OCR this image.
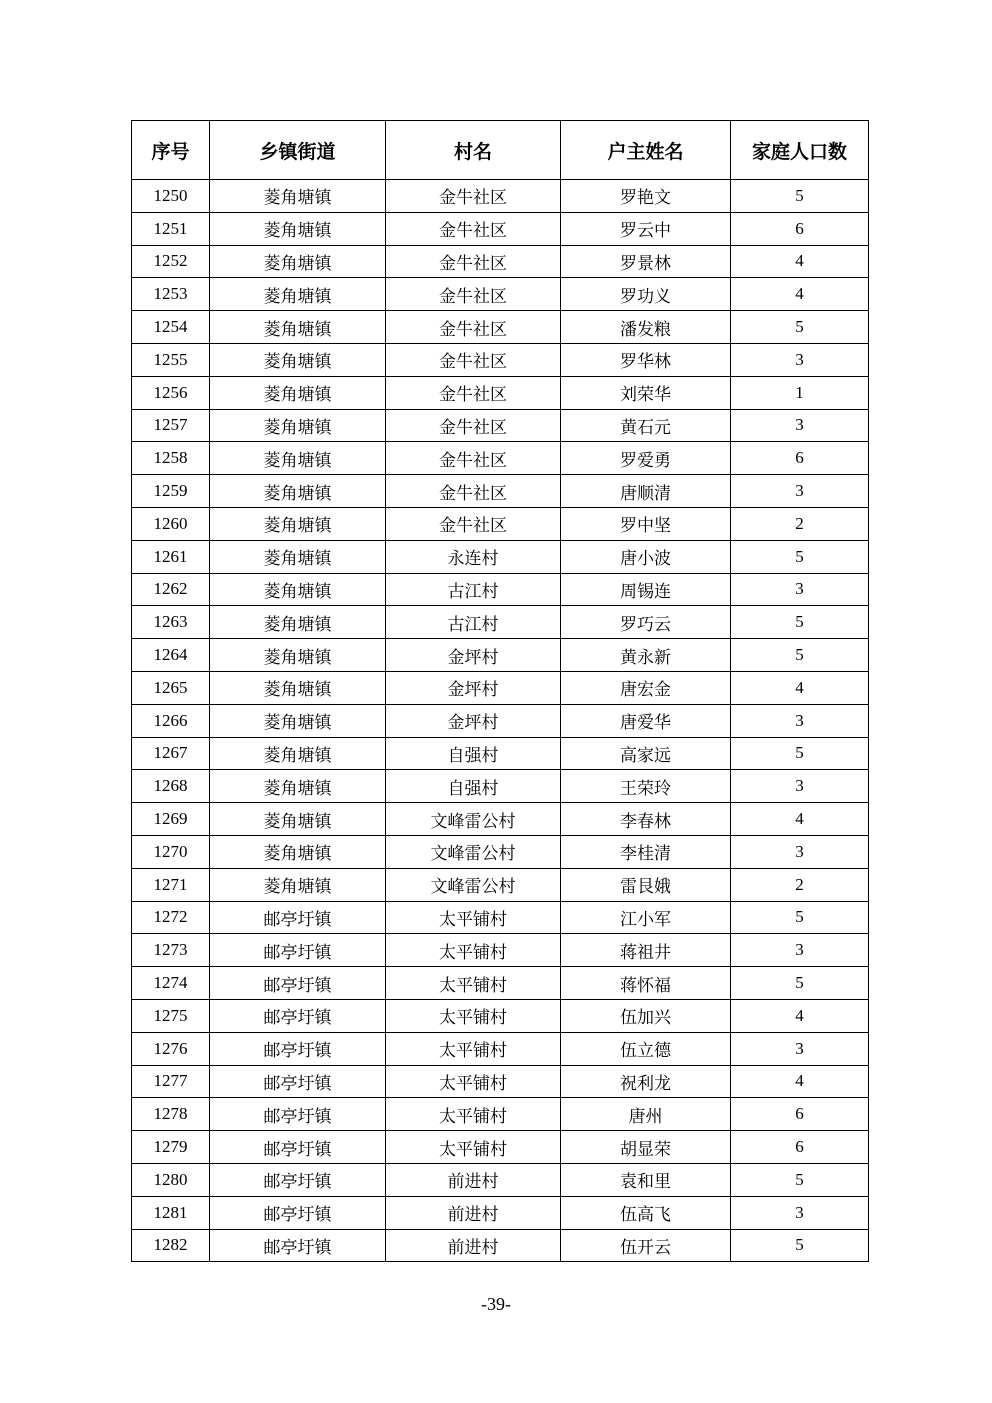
序号	乡镇街道	村名	户主姓名	家庭人口数
1250	菱角塘镇	金牛社区	罗艳文	5
1251	菱角塘镇	金牛社区	罗云中	6
1252	菱角塘镇	金牛社区	罗景林	4
1253	菱角塘镇	金牛社区	罗功义	4
1254	菱角塘镇	金牛社区	潘发粮	5
1255	菱角塘镇	金牛社区	罗华林	3
1256	菱角塘镇	金牛社区	刘荣华	1
1257	菱角塘镇	金牛社区	黄石元	3
1258	菱角塘镇	金牛社区	罗爱勇	6
1259	菱角塘镇	金牛社区	唐顺清	3
1260	菱角塘镇	金牛社区	罗中坚	2
1261	菱角塘镇	永连村	唐小波	5
1262	菱角塘镇	古江村	周锡连	3
1263	菱角塘镇	古江村	罗巧云	5
1264	菱角塘镇	金坪村	黄永新	5
1265	菱角塘镇	金坪村	唐宏金	4
1266	菱角塘镇	金坪村	唐爱华	3
1267	菱角塘镇	自强村	高家远	5
1268	菱角塘镇	自强村	王荣玲	3
1269	菱角塘镇	文峰雷公村	李春林	4
1270	菱角塘镇	文峰雷公村	李桂清	3
1271	菱角塘镇	文峰雷公村	雷艮娥	2
1272	邮亭圩镇	太平铺村	江小军	5
1273	邮亭圩镇	太平铺村	蒋祖井	3
1274	邮亭圩镇	太平铺村	蒋怀福	5
1275	邮亭圩镇	太平铺村	伍加兴	4
1276	邮亭圩镇	太平铺村	伍立德	3
1277	邮亭圩镇	太平铺村	祝利龙	4
1278	邮亭圩镇	太平铺村	唐州	6
1279	邮亭圩镇	太平铺村	胡显荣	6
1280	邮亭圩镇	前进村	袁和里	5
1281	邮亭圩镇	前进村	伍高飞	3
1282	邮亭圩镇	前进村	伍开云	5
-39-
